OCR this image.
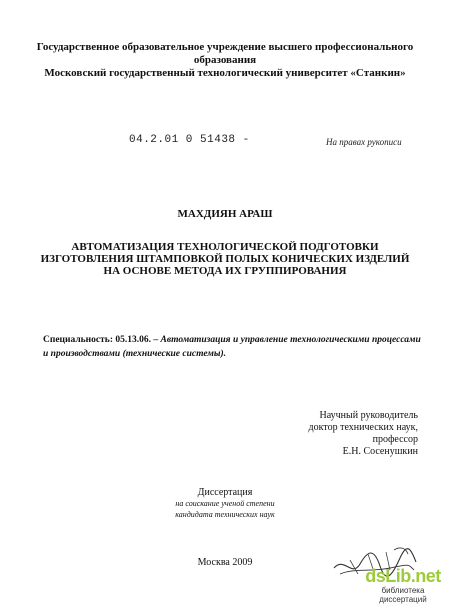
Государственное образовательное учреждение высшего профессионального
образования
Московский государственный технологический университет «Станкин»
04.2.01 0 51438 -	На правах рукописи
МАХДИЯН АРАШ
АВТОМАТИЗАЦИЯ ТЕХНОЛОГИЧЕСКОЙ ПОДГОТОВКИ
ИЗГОТОВЛЕНИЯ ШТАМПОВКОЙ ПОЛЫХ КОНИЧЕСКИХ ИЗДЕЛИЙ
НА ОСНОВЕ МЕТОДА ИХ ГРУППИРОВАНИЯ
Специальность: 05.13.06. – Автоматизация и управление технологическими процессами и производствами (технические системы).
Научный руководитель
доктор технических наук,
профессор
Е.Н. Сосенушкин
Диссертация
на соискание ученой степени
кандидата технических наук
Москва 2009
dsLib.net
библиотека диссертаций
